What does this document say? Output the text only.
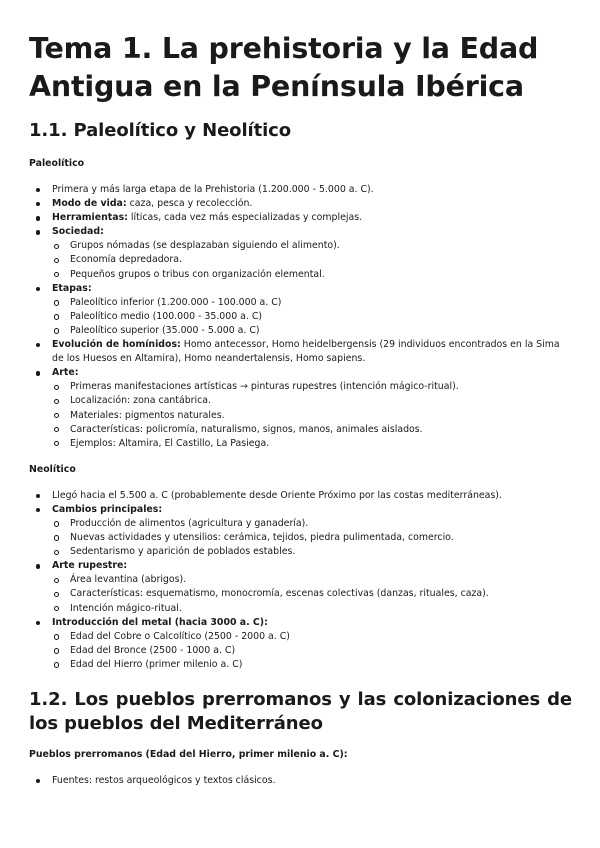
Tema 1. La prehistoria y la Edad Antigua en la Península Ibérica
1.1. Paleolítico y Neolítico
Paleolítico
Primera y más larga etapa de la Prehistoria (1.200.000 - 5.000 a. C).
Modo de vida: caza, pesca y recolección.
Herramientas: líticas, cada vez más especializadas y complejas.
Sociedad:
Grupos nómadas (se desplazaban siguiendo el alimento).
Economía depredadora.
Pequeños grupos o tribus con organización elemental.
Etapas:
Paleolítico inferior (1.200.000 - 100.000 a. C)
Paleolítico medio (100.000 - 35.000 a. C)
Paleolítico superior (35.000 - 5.000 a. C)
Evolución de homínidos: Homo antecessor, Homo heidelbergensis (29 individuos encontrados en la Sima de los Huesos en Altamira), Homo neandertalensis, Homo sapiens.
Arte:
Primeras manifestaciones artísticas → pinturas rupestres (intención mágico-ritual).
Localización: zona cantábrica.
Materiales: pigmentos naturales.
Características: policromía, naturalismo, signos, manos, animales aislados.
Ejemplos: Altamira, El Castillo, La Pasiega.
Neolítico
Llegó hacia el 5.500 a. C (probablemente desde Oriente Próximo por las costas mediterráneas).
Cambios principales:
Producción de alimentos (agricultura y ganadería).
Nuevas actividades y utensilios: cerámica, tejidos, piedra pulimentada, comercio.
Sedentarismo y aparición de poblados estables.
Arte rupestre:
Área levantina (abrigos).
Características: esquematismo, monocromía, escenas colectivas (danzas, rituales, caza).
Intención mágico-ritual.
Introducción del metal (hacia 3000 a. C):
Edad del Cobre o Calcolítico (2500 - 2000 a. C)
Edad del Bronce (2500 - 1000 a. C)
Edad del Hierro (primer milenio a. C)
1.2. Los pueblos prerromanos y las colonizaciones de los pueblos del Mediterráneo
Pueblos prerromanos (Edad del Hierro, primer milenio a. C):
Fuentes: restos arqueológicos y textos clásicos.
